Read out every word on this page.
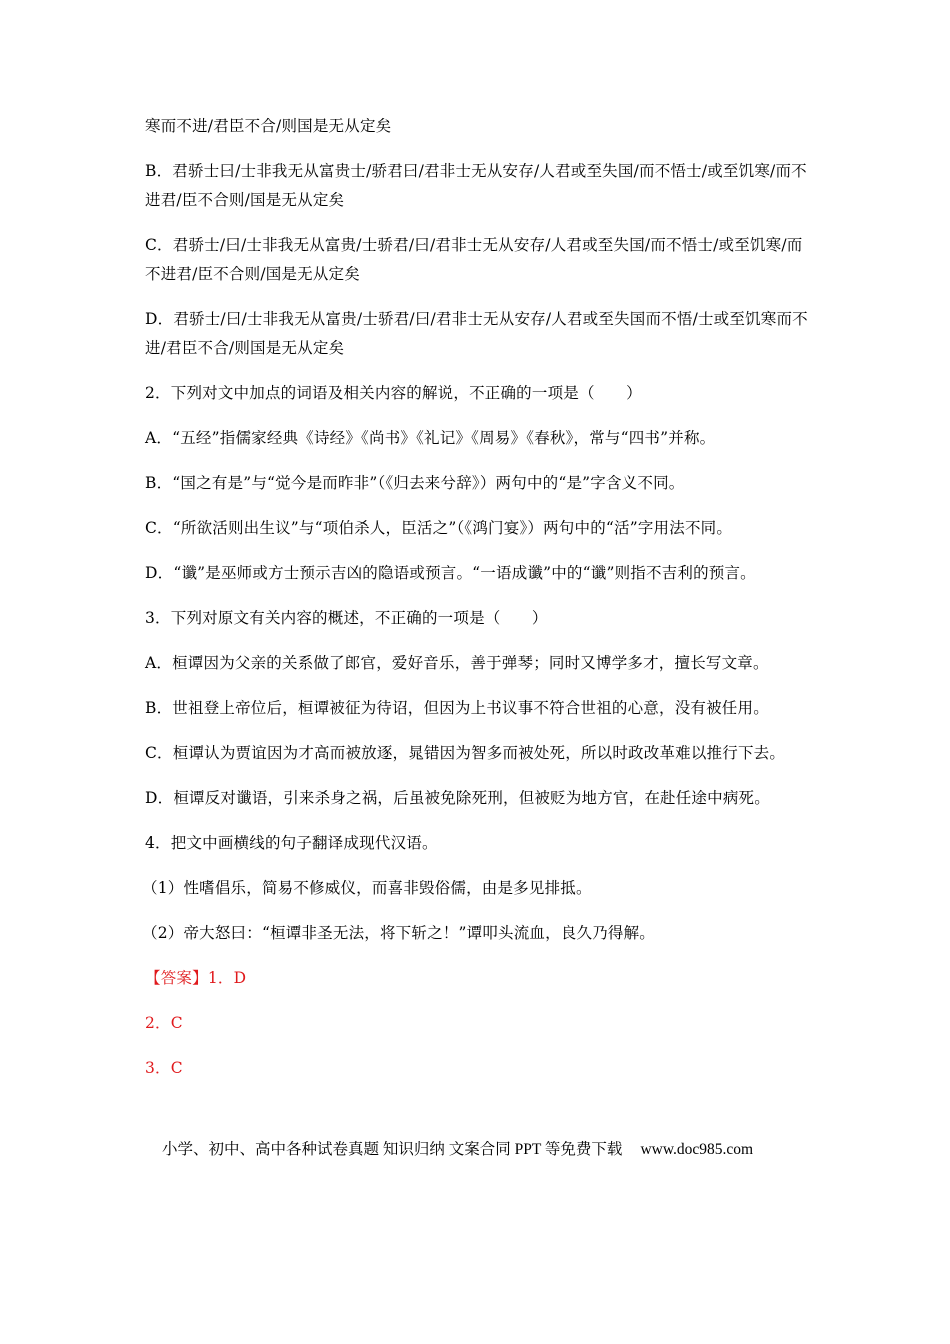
寒而不进/君臣不合/则国是无从定矣

B．君骄士曰/士非我无从富贵士/骄君曰/君非士无从安存/人君或至失国/而不悟士/或至饥寒/而不进君/臣不合则/国是无从定矣

C．君骄士/曰/士非我无从富贵/士骄君/曰/君非士无从安存/人君或至失国/而不悟士/或至饥寒/而不进君/臣不合则/国是无从定矣

D．君骄士/曰/士非我无从富贵/士骄君/曰/君非士无从安存/人君或至失国而不悟/士或至饥寒而不进/君臣不合/则国是无从定矣

2．下列对文中加点的词语及相关内容的解说，不正确的一项是（　　）

A．“五经”指儒家经典《诗经》《尚书》《礼记》《周易》《春秋》，常与“四书”并称。

B．“国之有是”与“觉今是而昨非”（《归去来兮辞》）两句中的“是”字含义不同。

C．“所欲活则出生议”与“项伯杀人，臣活之”（《鸿门宴》）两句中的“活”字用法不同。

D．“谶”是巫师或方士预示吉凶的隐语或预言。“一语成谶”中的“谶”则指不吉利的预言。

3．下列对原文有关内容的概述，不正确的一项是（　　）

A．桓谭因为父亲的关系做了郎官，爱好音乐，善于弹琴；同时又博学多才，擅长写文章。

B．世祖登上帝位后，桓谭被征为待诏，但因为上书议事不符合世祖的心意，没有被任用。

C．桓谭认为贾谊因为才高而被放逐，晁错因为智多而被处死，所以时政改革难以推行下去。

D．桓谭反对谶语，引来杀身之祸，后虽被免除死刑，但被贬为地方官，在赴任途中病死。

4．把文中画横线的句子翻译成现代汉语。

（1）性嗜倡乐，简易不修威仪，而喜非毁俗儒，由是多见排抵。

（2）帝大怒曰：“桓谭非圣无法，将下斩之！”谭叩头流血，良久乃得解。

【答案】1．D

2．C

3．C

小学、初中、高中各种试卷真题 知识归纳 文案合同 PPT 等免费下载 www.doc985.com
